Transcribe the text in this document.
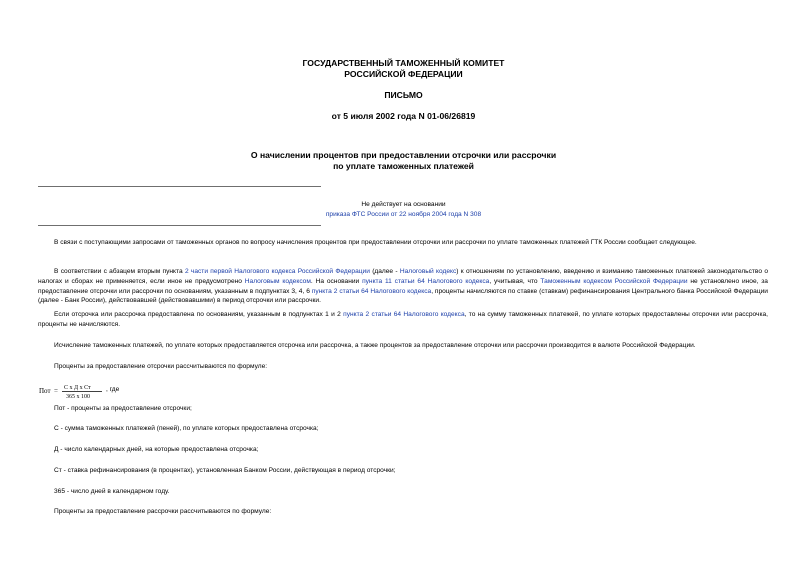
ГОСУДАРСТВЕННЫЙ ТАМОЖЕННЫЙ КОМИТЕТ
РОССИЙСКОЙ ФЕДЕРАЦИИ
ПИСЬМО
от 5 июля 2002 года N 01-06/26819
О начислении процентов при предоставлении отсрочки или рассрочки
по уплате таможенных платежей
Не действует на основании
приказа ФТС России от 22 ноября 2004 года N 308

В связи с поступающими запросами от таможенных органов по вопросу начисления процентов при предоставлении отсрочки или рассрочки по уплате таможенных платежей ГТК России сообщает следующее.

В соответствии с абзацем вторым пункта 2 части первой Налогового кодекса Российской Федерации (далее - Налоговый кодекс) к отношениям по установлению, введению и взиманию таможенных платежей законодательство о налогах и сборах не применяется, если иное не предусмотрено Налоговым кодексом. На основании пункта 11 статьи 64 Налогового кодекса, учитывая, что Таможенным кодексом Российской Федерации не установлено иное, за предоставление отсрочки или рассрочки по основаниям, указанным в подпунктах 3, 4, 6 пункта 2 статьи 64 Налогового кодекса, проценты начисляются по ставке (ставкам) рефинансирования Центрального банка Российской Федерации (далее - Банк России), действовавшей (действовавшими) в период отсрочки или рассрочки.

Если отсрочка или рассрочка предоставлена по основаниям, указанным в подпунктах 1 и 2 пункта 2 статьи 64 Налогового кодекса, то на сумму таможенных платежей, по уплате которых предоставлены отсрочки или рассрочка, проценты не начисляются.

Исчисление таможенных платежей, по уплате которых предоставляется отсрочка или рассрочка, а также процентов за предоставление отсрочки или рассрочки производится в валюте Российской Федерации.

Проценты за предоставление отсрочки рассчитываются по формуле:

Пот = С х Д х Ст
365 х 100
, где

Пот - проценты за предоставление отсрочки;

С - сумма таможенных платежей (пеней), по уплате которых предоставлена отсрочка;

Д - число календарных дней, на которые предоставлена отсрочка;

Ст - ставка рефинансирования (в процентах), установленная Банком России, действующая в период отсрочки;

365 - число дней в календарном году.

Проценты за предоставление рассрочки рассчитываются по формуле:
